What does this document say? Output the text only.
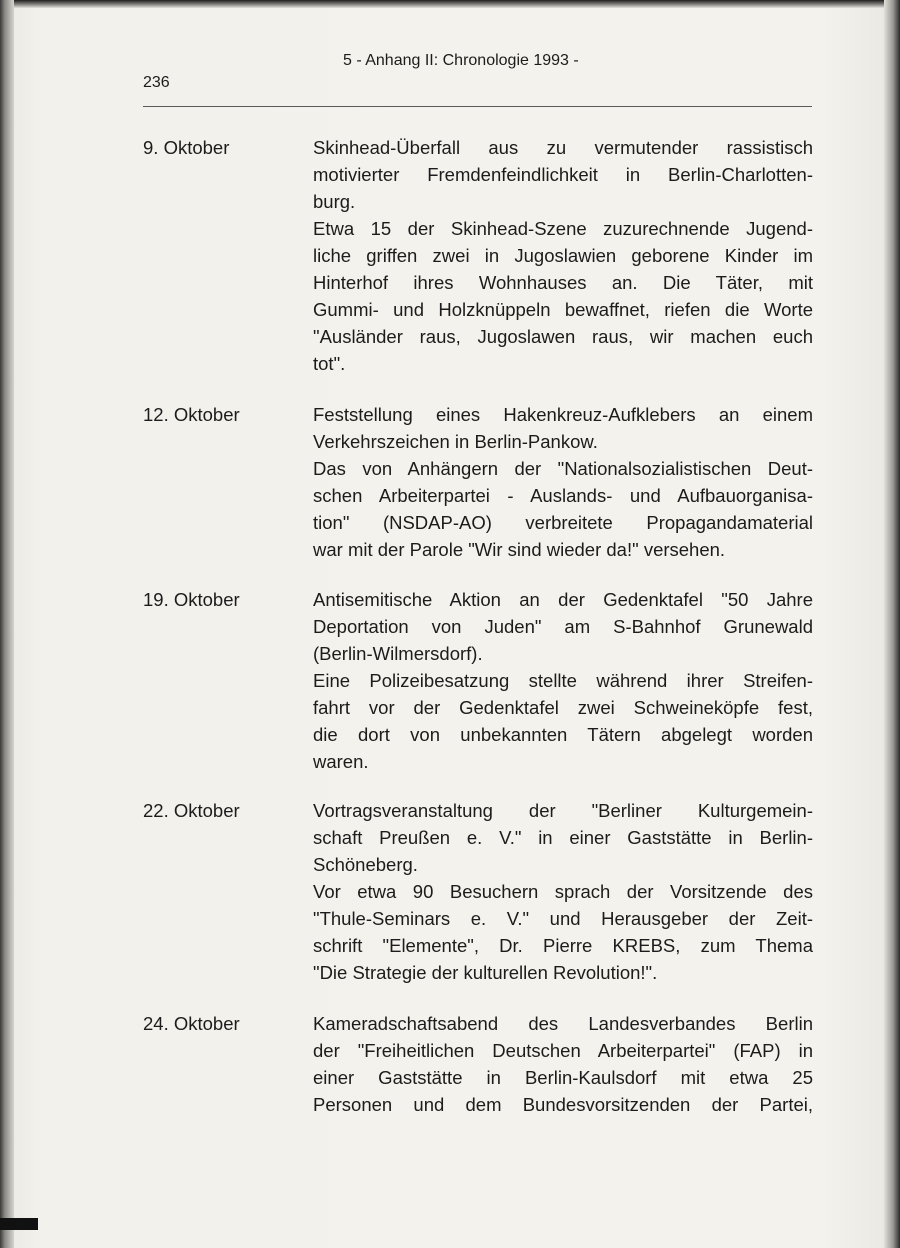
5 - Anhang II: Chronologie 1993 -
236
9. Oktober	Skinhead-Überfall aus zu vermutender rassistisch
motivierter Fremdenfeindlichkeit in Berlin-Charlotten-
burg.
Etwa 15 der Skinhead-Szene zuzurechnende Jugend-
liche griffen zwei in Jugoslawien geborene Kinder im
Hinterhof ihres Wohnhauses an. Die Täter, mit
Gummi- und Holzknüppeln bewaffnet, riefen die Worte
"Ausländer raus, Jugoslawen raus, wir machen euch
tot".
12. Oktober	Feststellung eines Hakenkreuz-Aufklebers an einem
Verkehrszeichen in Berlin-Pankow.
Das von Anhängern der "Nationalsozialistischen Deut-
schen Arbeiterpartei - Auslands- und Aufbauorganisa-
tion" (NSDAP-AO) verbreitete Propagandamaterial
war mit der Parole "Wir sind wieder da!" versehen.
19. Oktober	Antisemitische Aktion an der Gedenktafel "50 Jahre
Deportation von Juden" am S-Bahnhof Grunewald
(Berlin-Wilmersdorf).
Eine Polizeibesatzung stellte während ihrer Streifen-
fahrt vor der Gedenktafel zwei Schweineköpfe fest,
die dort von unbekannten Tätern abgelegt worden
waren.
22. Oktober	Vortragsveranstaltung der "Berliner Kulturgemein-
schaft Preußen e. V." in einer Gaststätte in Berlin-
Schöneberg.
Vor etwa 90 Besuchern sprach der Vorsitzende des
"Thule-Seminars e. V." und Herausgeber der Zeit-
schrift "Elemente", Dr. Pierre KREBS, zum Thema
"Die Strategie der kulturellen Revolution!".
24. Oktober	Kameradschaftsabend des Landesverbandes Berlin
der "Freiheitlichen Deutschen Arbeiterpartei" (FAP) in
einer Gaststätte in Berlin-Kaulsdorf mit etwa 25
Personen und dem Bundesvorsitzenden der Partei,
